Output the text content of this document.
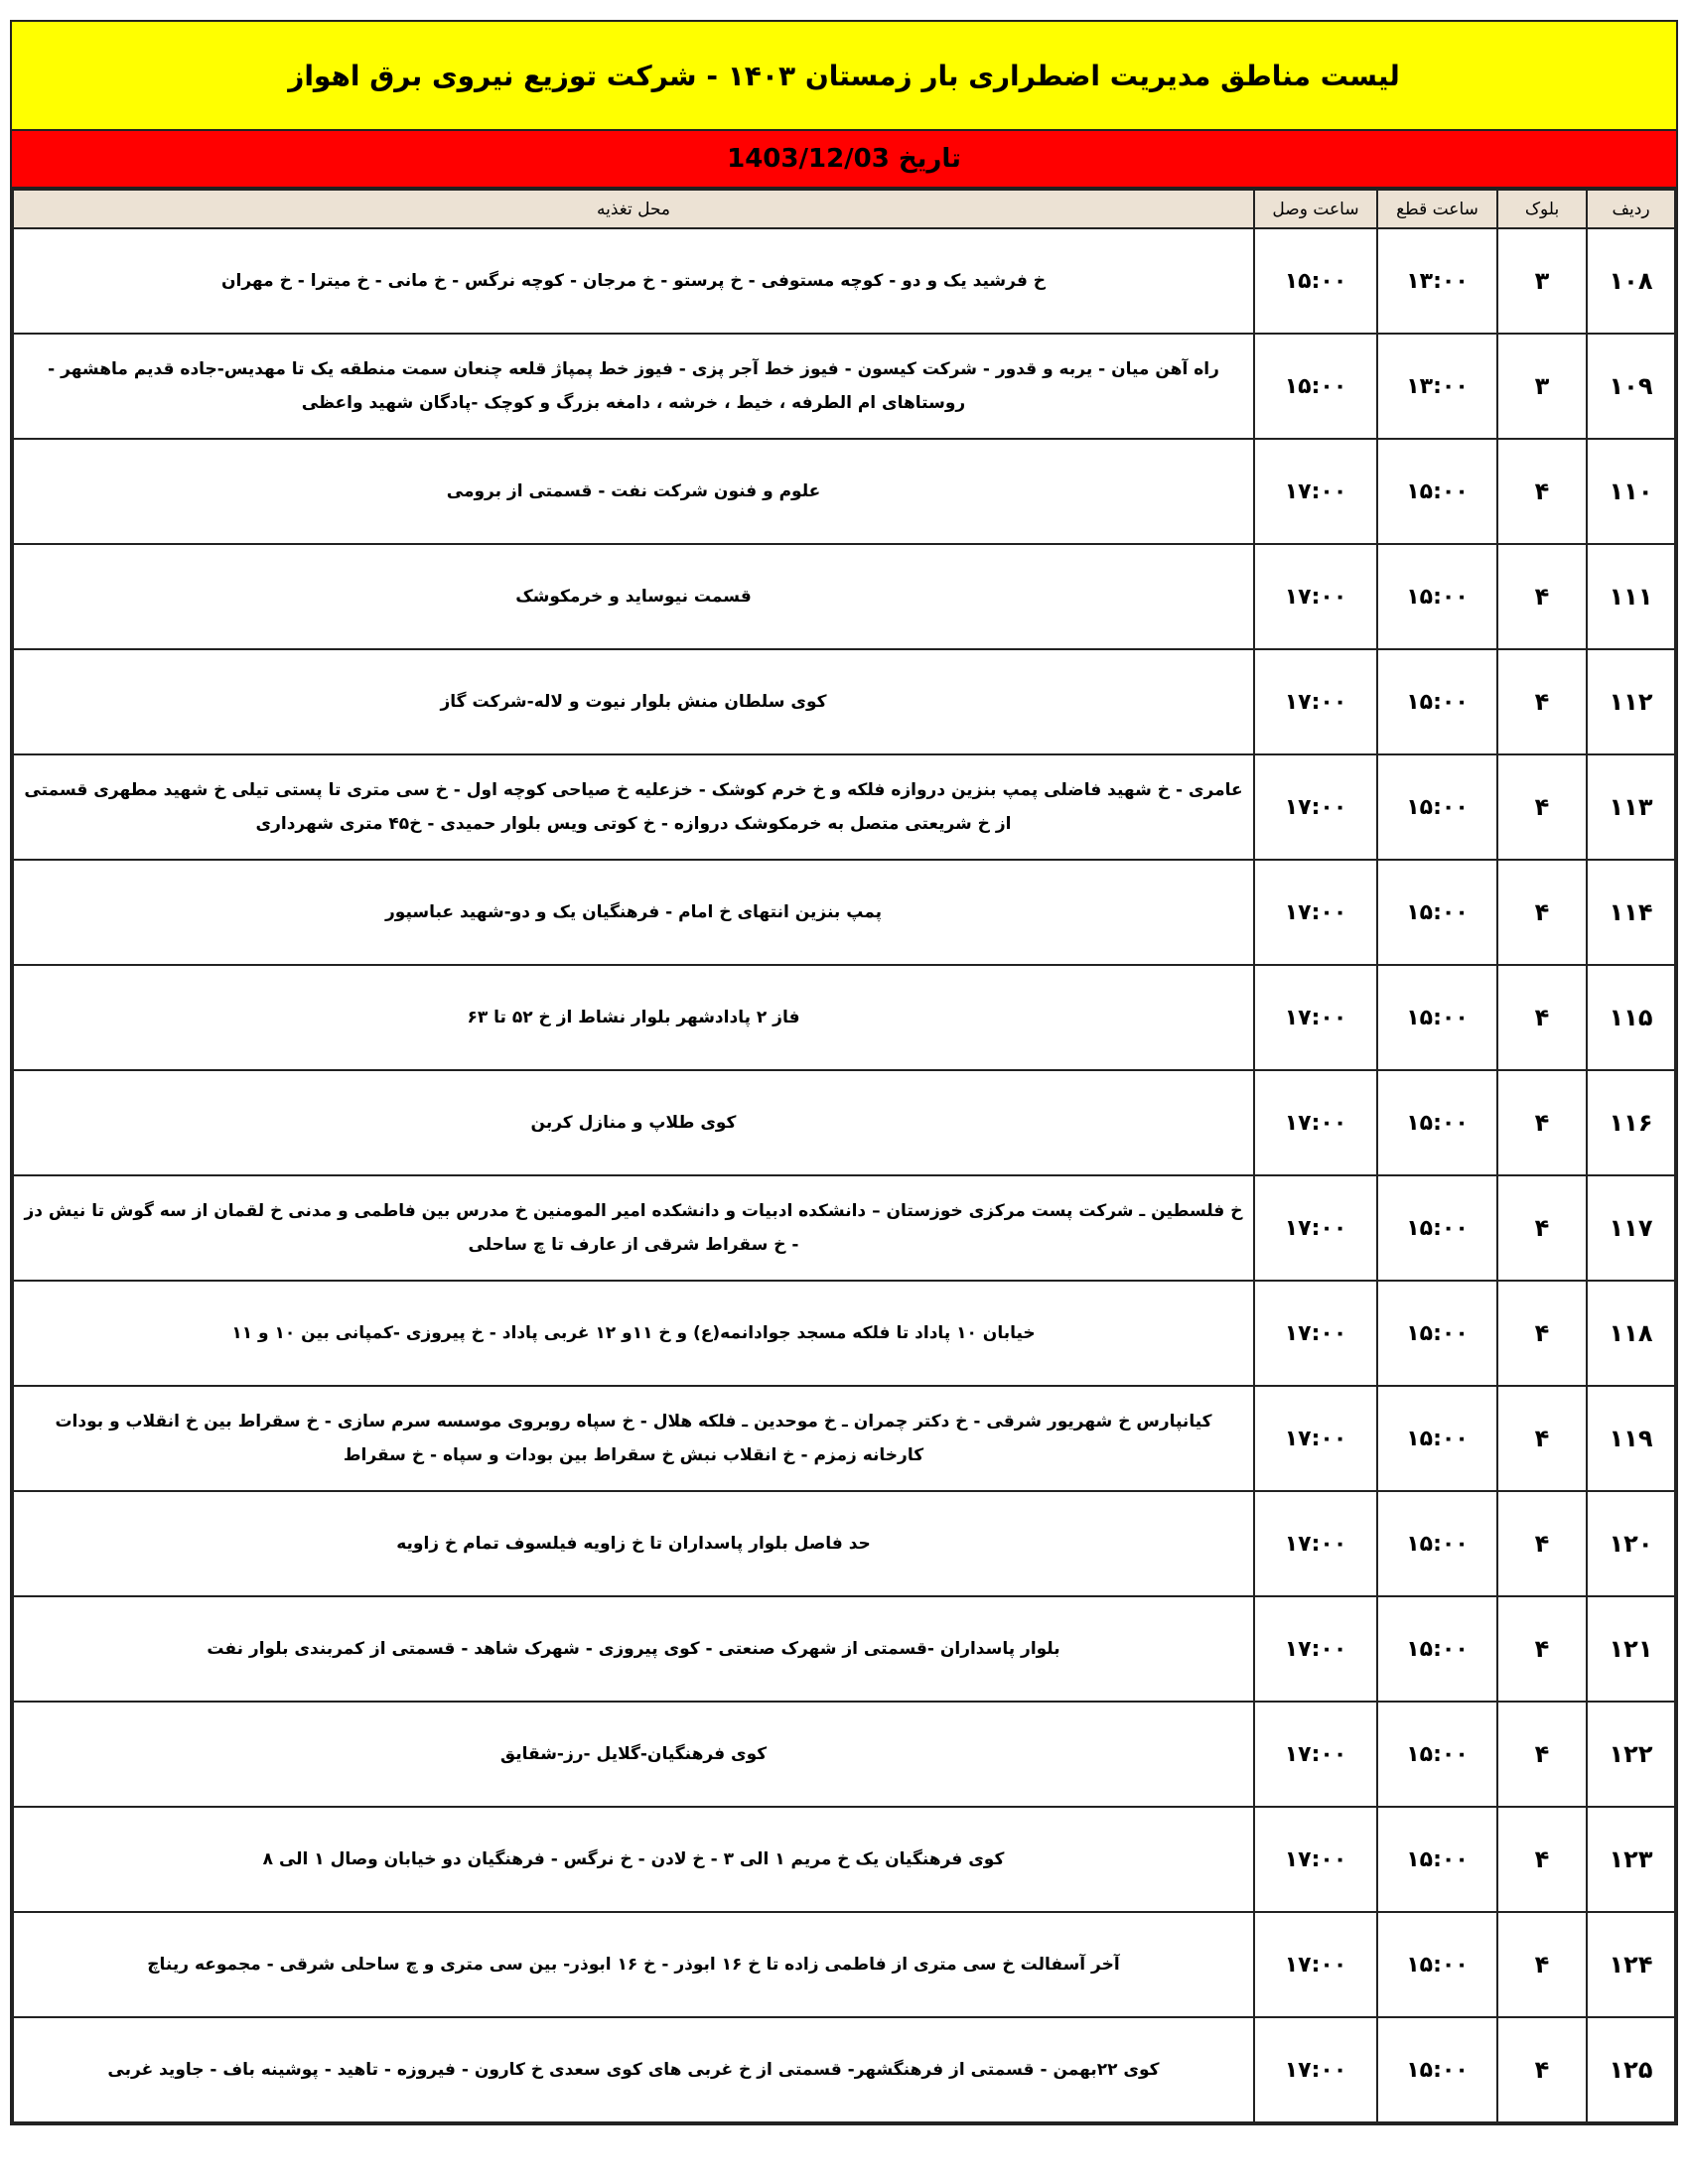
لیست مناطق مدیریت اضطراری بار زمستان ۱۴۰۳ - شرکت توزیع نیروی برق اهواز
تاریخ 1403/12/03
ردیف	بلوک	ساعت قطع	ساعت وصل	محل تغذیه
۱۰۸	۳	۱۳:۰۰	۱۵:۰۰	خ فرشید یک و دو - کوچه مستوفی - خ پرستو - خ مرجان - کوچه نرگس - خ مانی - خ میترا - خ مهران
۱۰۹	۳	۱۳:۰۰	۱۵:۰۰	راه آهن میان - یربه و قدور - شرکت کیسون - فیوز خط آجر پزی - فیوز خط پمپاژ قلعه چنعان سمت منطقه یک تا مهدیس-جاده قدیم ماهشهر - روستاهای ام الطرفه ، خیط ، خرشه ، دامغه بزرگ و کوچک -پادگان شهید واعظی
۱۱۰	۴	۱۵:۰۰	۱۷:۰۰	علوم و فنون شرکت نفت - قسمتی از برومی
۱۱۱	۴	۱۵:۰۰	۱۷:۰۰	قسمت نیوساید و خرمکوشک
۱۱۲	۴	۱۵:۰۰	۱۷:۰۰	کوی سلطان منش بلوار نیوت و لاله-شرکت گاز
۱۱۳	۴	۱۵:۰۰	۱۷:۰۰	عامری - خ شهید فاضلی پمپ بنزین دروازه فلکه و خ خرم کوشک - خزعلیه خ صیاحی کوچه اول - خ سی متری تا پستی تیلی خ شهید مطهری قسمتی از خ شریعتی متصل به خرمکوشک دروازه - خ کوتی ویس بلوار حمیدی - خ۴۵ متری شهرداری
۱۱۴	۴	۱۵:۰۰	۱۷:۰۰	پمپ بنزین انتهای خ امام - فرهنگیان یک و دو-شهید عباسپور
۱۱۵	۴	۱۵:۰۰	۱۷:۰۰	فاز ۲ پادادشهر بلوار نشاط از خ ۵۲ تا ۶۳
۱۱۶	۴	۱۵:۰۰	۱۷:۰۰	کوی طلاپ و منازل کربن
۱۱۷	۴	۱۵:۰۰	۱۷:۰۰	خ فلسطین ـ شرکت پست مرکزی خوزستان – دانشکده ادبیات و دانشکده امیر المومنین خ مدرس بین فاطمی و مدنی خ لقمان از سه گوش تا نیش دز - خ سقراط شرقی از عارف تا چ ساحلی
۱۱۸	۴	۱۵:۰۰	۱۷:۰۰	خیابان ۱۰ پاداد تا فلکه مسجد جوادانمه(ع) و خ ۱۱و ۱۲ غربی پاداد - خ پیروزی -کمپانی بین ۱۰ و ۱۱
۱۱۹	۴	۱۵:۰۰	۱۷:۰۰	کیانپارس خ شهریور شرقی - خ دکتر چمران ـ خ موحدین ـ فلکه هلال - خ سپاه روبروی موسسه سرم سازی - خ سقراط بین خ انقلاب و بودات کارخانه زمزم - خ انقلاب نبش خ سقراط بین بودات و سپاه - خ سقراط
۱۲۰	۴	۱۵:۰۰	۱۷:۰۰	حد فاصل بلوار پاسداران تا خ زاویه فیلسوف تمام خ زاویه
۱۲۱	۴	۱۵:۰۰	۱۷:۰۰	بلوار پاسداران -قسمتی از شهرک صنعتی - کوی پیروزی - شهرک شاهد - قسمتی از کمربندی بلوار نفت
۱۲۲	۴	۱۵:۰۰	۱۷:۰۰	کوی فرهنگیان-گلایل -رز-شقایق
۱۲۳	۴	۱۵:۰۰	۱۷:۰۰	کوی فرهنگیان یک خ مریم ۱ الی ۳ - خ لادن - خ نرگس - فرهنگیان دو خیابان وصال ۱ الی ۸
۱۲۴	۴	۱۵:۰۰	۱۷:۰۰	آخر آسفالت خ سی متری از فاطمی زاده تا خ ۱۶ ابوذر - خ ۱۶ ابوذر- بین سی متری و چ ساحلی شرقی - مجموعه ریناچ
۱۲۵	۴	۱۵:۰۰	۱۷:۰۰	کوی ۲۲بهمن - قسمتی از فرهنگشهر- قسمتی از خ غربی های کوی سعدی خ کارون - فیروزه - تاهید - پوشینه باف - جاوید غربی
